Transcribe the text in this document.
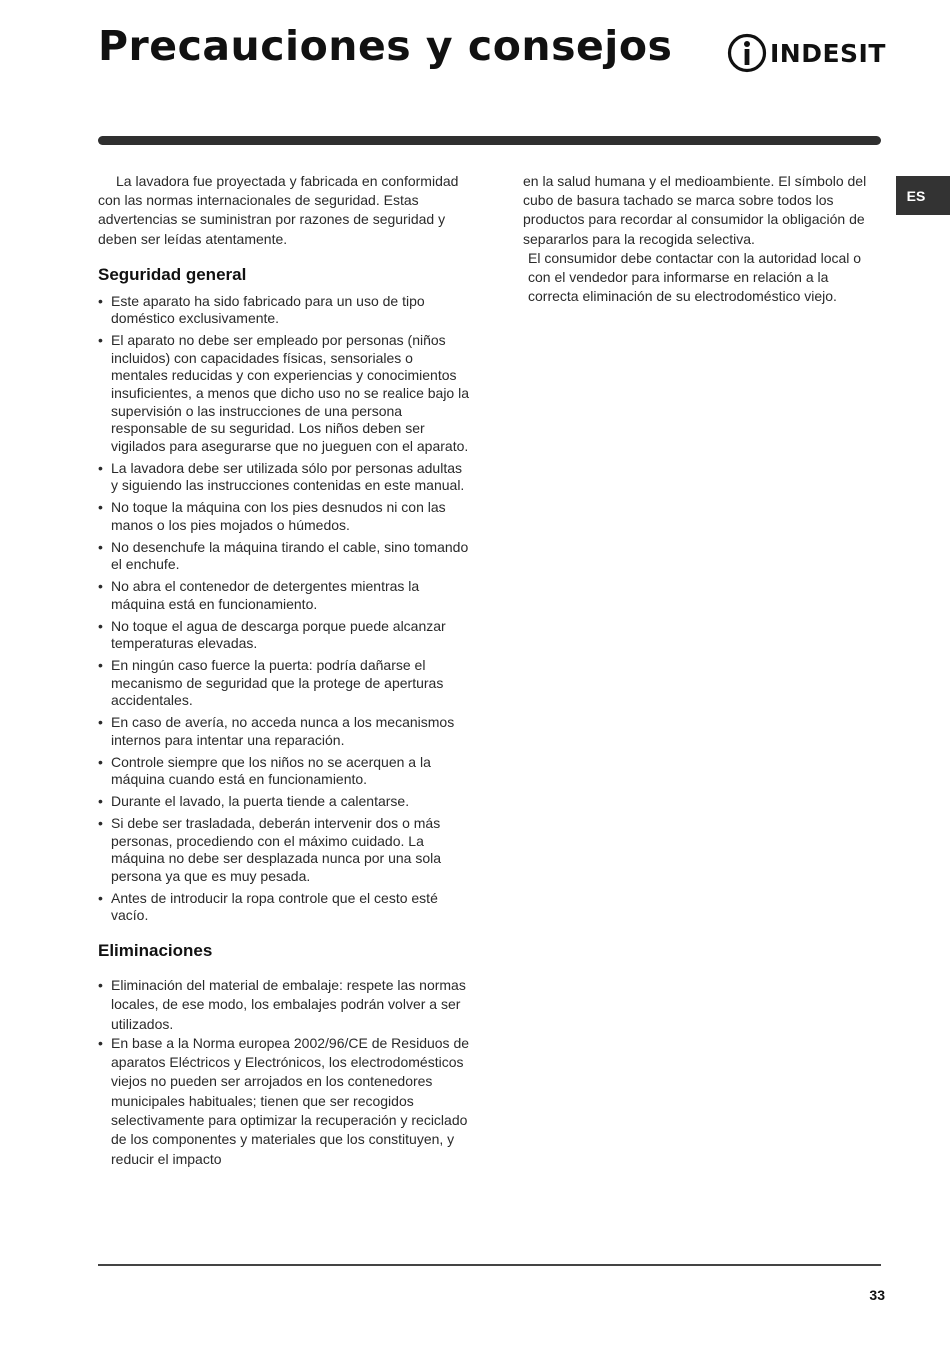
Precauciones y consejos	INDESIT
ES

La lavadora fue proyectada y fabricada en conformidad con las normas internacionales de seguridad. Estas advertencias se suministran por razones de seguridad y deben ser leídas atentamente.

Seguridad general
• Este aparato ha sido fabricado para un uso de tipo doméstico exclusivamente.
• El aparato no debe ser empleado por personas (niños incluidos) con capacidades físicas, sensoriales o mentales reducidas y con experiencias y conocimientos insuficientes, a menos que dicho uso no se realice bajo la supervisión o las instrucciones de una persona responsable de su seguridad. Los niños deben ser vigilados para asegurarse que no jueguen con el aparato.
• La lavadora debe ser utilizada sólo por personas adultas y siguiendo las instrucciones contenidas en este manual.
• No toque la máquina con los pies desnudos ni con las manos o los pies mojados o húmedos.
• No desenchufe la máquina tirando el cable, sino tomando el enchufe.
• No abra el contenedor de detergentes mientras la máquina está en funcionamiento.
• No toque el agua de descarga porque puede alcanzar temperaturas elevadas.
• En ningún caso fuerce la puerta: podría dañarse el mecanismo de seguridad que la protege de aperturas accidentales.
• En caso de avería, no acceda nunca a los mecanismos internos para intentar una reparación.
• Controle siempre que los niños no se acerquen a la máquina cuando está en funcionamiento.
• Durante el lavado, la puerta tiende a calentarse.
• Si debe ser trasladada, deberán intervenir dos o más personas, procediendo con el máximo cuidado. La máquina no debe ser desplazada nunca por una sola persona ya que es muy pesada.
• Antes de introducir la ropa controle que el cesto esté vacío.
Eliminaciones
• Eliminación del material de embalaje: respete las normas locales, de ese modo, los embalajes podrán volver a ser utilizados.
• En base a la Norma europea 2002/96/CE de Residuos de aparatos Eléctricos y Electrónicos, los electrodomésticos viejos no pueden ser arrojados en los contenedores municipales habituales; tienen que ser recogidos selectivamente para optimizar la recuperación y reciclado de los componentes y materiales que los constituyen, y reducir el impacto

en la salud humana y el medioambiente. El símbolo del cubo de basura tachado se marca sobre todos los productos para recordar al consumidor la obligación de separarlos para la recogida selectiva.

El consumidor debe contactar con la autoridad local o con el vendedor para informarse en relación a la correcta eliminación de su electrodoméstico viejo.

33
